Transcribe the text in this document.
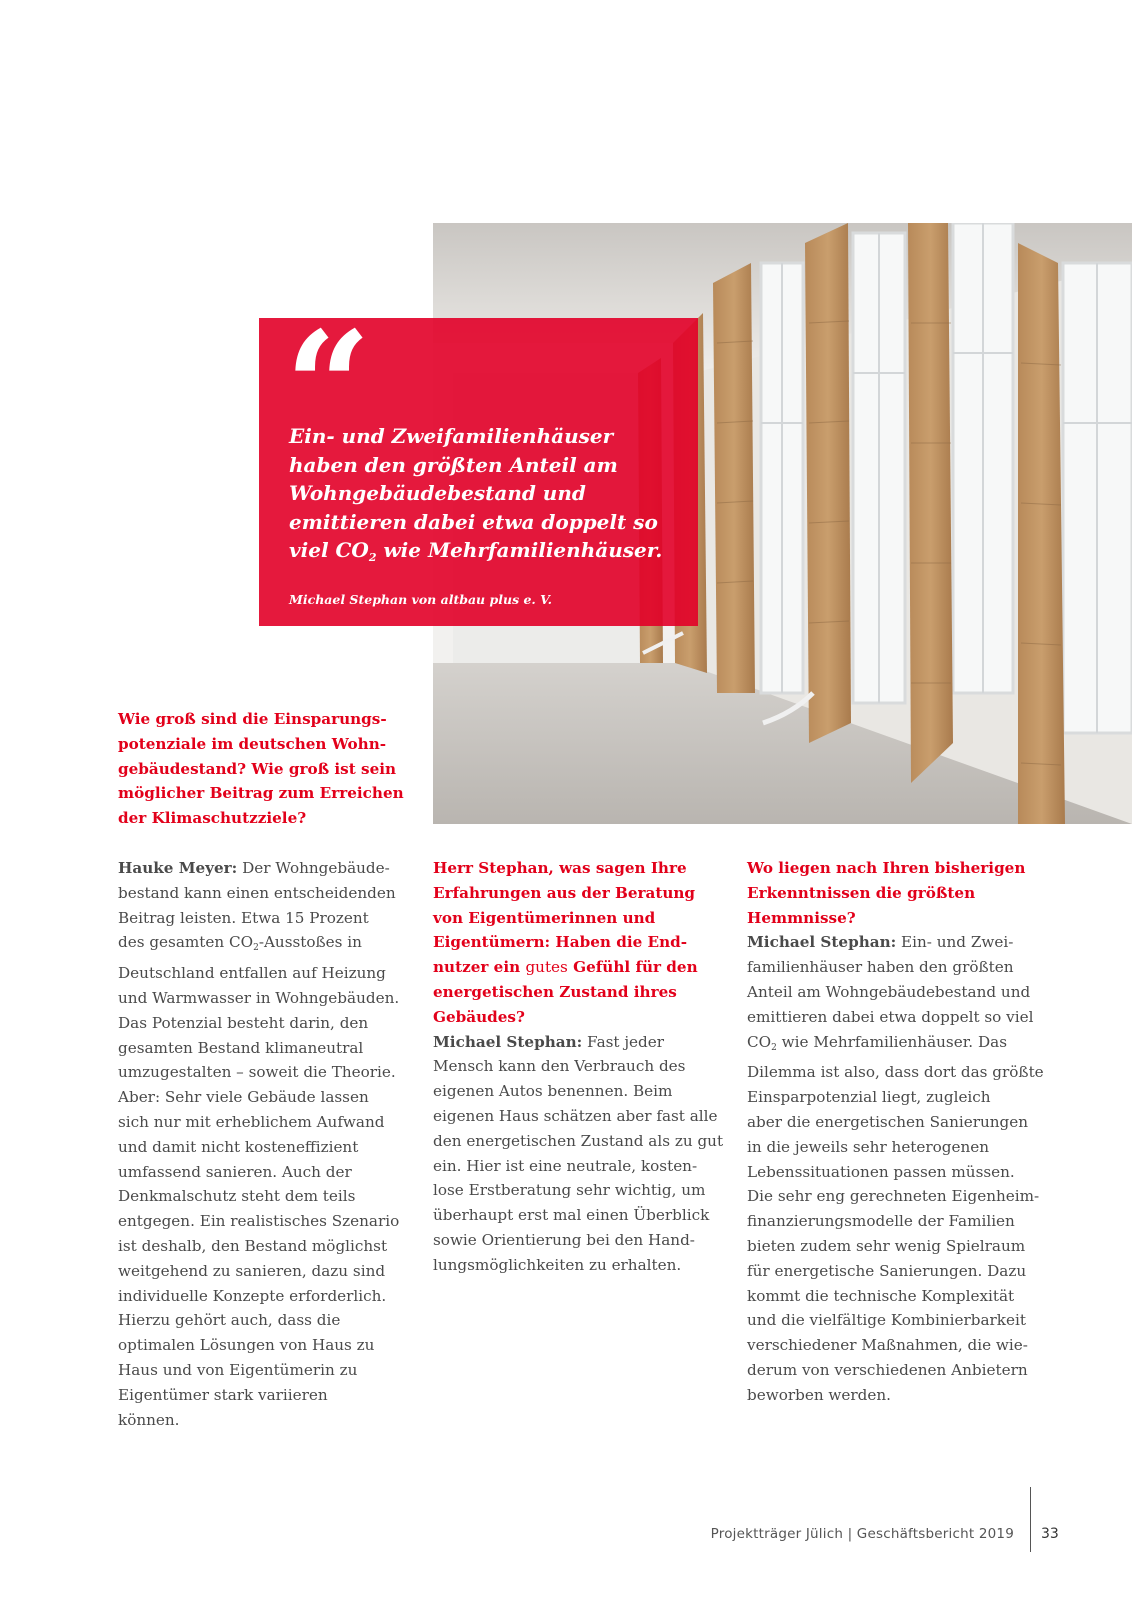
“

Ein- und Zweifamilienhäuser
haben den größten Anteil am
Wohngebäudebestand und
emittieren dabei etwa doppelt so
viel $CO_2$ wie Mehrfamilienhäuser.

Michael Stephan von altbau plus e. V.

Wie groß sind die Einsparungs-
potenziale im deutschen Wohn-
gebäudestand? Wie groß ist sein
möglicher Beitrag zum Erreichen
der Klimaschutzziele?

Hauke Meyer: Der Wohngebäude-
bestand kann einen entscheidenden
Beitrag leisten. Etwa 15 Prozent
des gesamten $CO_2$-Ausstoßes in
Deutschland entfallen auf Heizung
und Warmwasser in Wohngebäuden.
Das Potenzial besteht darin, den
gesamten Bestand klimaneutral
umzugestalten – soweit die Theorie.
Aber: Sehr viele Gebäude lassen
sich nur mit erheblichem Aufwand
und damit nicht kosteneffizient
umfassend sanieren. Auch der
Denkmalschutz steht dem teils
entgegen. Ein realistisches Szenario
ist deshalb, den Bestand möglichst
weitgehend zu sanieren, dazu sind
individuelle Konzepte erforderlich.
Hierzu gehört auch, dass die
optimalen Lösungen von Haus zu
Haus und von Eigentümerin zu
Eigentümer stark variieren
können.

Herr Stephan, was sagen Ihre
Erfahrungen aus der Beratung
von Eigentümerinnen und
Eigentümern: Haben die End-
nutzer ein gutes Gefühl für den
energetischen Zustand ihres
Gebäudes?

Michael Stephan: Fast jeder
Mensch kann den Verbrauch des
eigenen Autos benennen. Beim
eigenen Haus schätzen aber fast alle
den energetischen Zustand als zu gut
ein. Hier ist eine neutrale, kosten-
lose Erstberatung sehr wichtig, um
überhaupt erst mal einen Überblick
sowie Orientierung bei den Hand-
lungsmöglichkeiten zu erhalten.

Wo liegen nach Ihren bisherigen
Erkenntnissen die größten
Hemmnisse?

Michael Stephan: Ein- und Zwei-
familienhäuser haben den größten
Anteil am Wohngebäudebestand und
emittieren dabei etwa doppelt so viel
$CO_2$ wie Mehrfamilienhäuser. Das
Dilemma ist also, dass dort das größte
Einsparpotenzial liegt, zugleich
aber die energetischen Sanierungen
in die jeweils sehr heterogenen
Lebenssituationen passen müssen.
Die sehr eng gerechneten Eigenheim-
finanzierungsmodelle der Familien
bieten zudem sehr wenig Spielraum
für energetische Sanierungen. Dazu
kommt die technische Komplexität
und die vielfältige Kombinierbarkeit
verschiedener Maßnahmen, die wie-
derum von verschiedenen Anbietern
beworben werden.

Projektträger Jülich | Geschäftsbericht 2019 33
